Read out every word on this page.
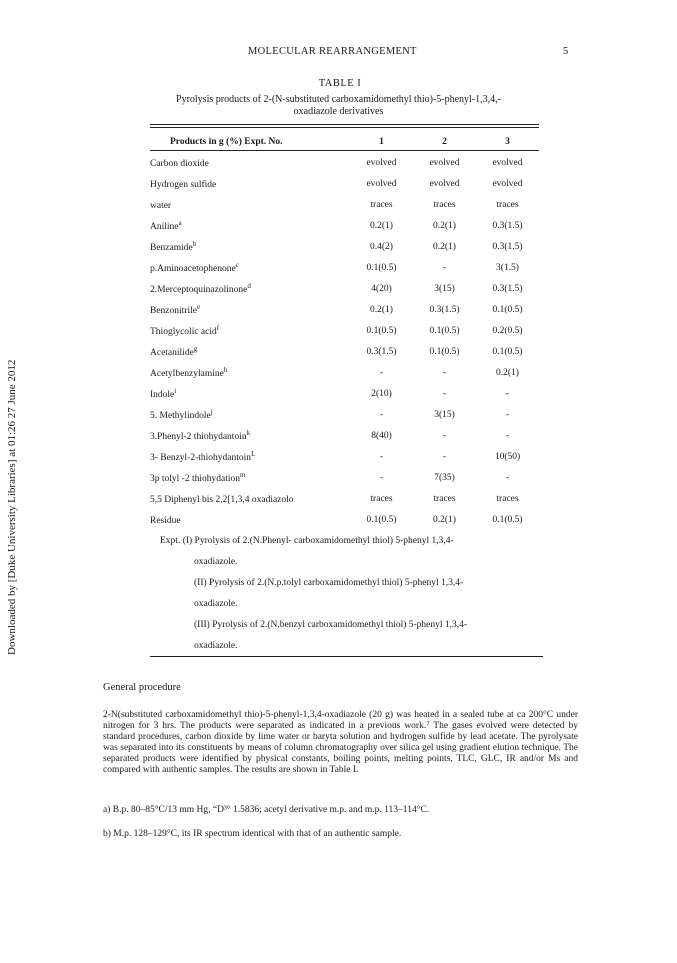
MOLECULAR REARRANGEMENT	5
Downloaded by [Duke University Libraries] at 01:26 27 June 2012
TABLE I
Pyrolysis products of 2-(N-substituted carboxamidomethyl thio)-5-phenyl-1,3,4,-
oxadiazole derivatives
Products in g (%) Expt. No.	1	2	3
Carbon dioxide	evolved	evolved	evolved
Hydrogen sulfide	evolved	evolved	evolved
water	traces	traces	traces
Aniline$^a$	0.2(1)	0.2(1)	0.3(1.5)
Benzamide$^b$	0.4(2)	0.2(1)	0.3(1.5)
p.Aminoacetophenone$^c$	0.1(0.5)	-	3(1.5)
2.Merceptoquinazolinone$^d$	4(20)	3(15)	0.3(1.5)
Benzonitrile$^e$	0.2(1)	0.3(1.5)	0.1(0.5)
Thioglycolic acid$^f$	0.1(0.5)	0.1(0.5)	0.2(0.5)
Acetanilide$^g$	0.3(1.5)	0.1(0.5)	0.1(0.5)
Acetylbenzylamine$^h$	-	-	0.2(1)
Indole$^i$	2(10)	-	-
5. Methylindole$^j$	-	3(15)	-
3.Phenyl-2 thiohydantoin$^k$	8(40)	-	-
3- Benzyl-2-thiohydantoin$^L$	-	-	10(50)
3p tolyl -2 thiohydation$^m$	-	7(35)	-
5,5 Diphenyl bis 2,2[1,3,4 oxadiazolo	traces	traces	traces
Residue	0.1(0.5)	0.2(1)	0.1(0.5)
Expt. (I) Pyrolysis of 2.(N.Phenyl- carboxamidomethyl thiol) 5-phenyl 1,3,4-
oxadiazole.
(II) Pyrolysis of 2.(N.p.tolyl carboxamidomethyl thiol) 5-phenyl 1,3,4-
oxadiazole.
(III) Pyrolysis of 2.(N.benzyl carboxamidomethyl thiol) 5-phenyl 1,3,4-
oxadiazole.
General procedure
2-N(substituted carboxamidomethyl thio)-5-phenyl-1,3,4-oxadiazole (20 g) was heated in a sealed tube at ca 200°C under nitrogen for 3 hrs. The products were separated as indicated in a previous work.⁷ The gases evolved were detected by standard procedures, carbon dioxide by lime water or baryta solution and hydrogen sulfide by lead acetate. The pyrolysate was separated into its constituents by means of column chromatography over silica gel using gradient elution technique. The separated products were identified by physical constants, boiling points, melting points, TLC, GLC, IR and/or Ms and compared with authentic samples. The results are shown in Table I.
a) B.p. 80–85°C/13 mm Hg, “D³° 1.5836; acetyl derivative m.p. and m.p. 113–114°C.
b) M.p. 128–129°C, its IR spectrum identical with that of an authentic sample.
